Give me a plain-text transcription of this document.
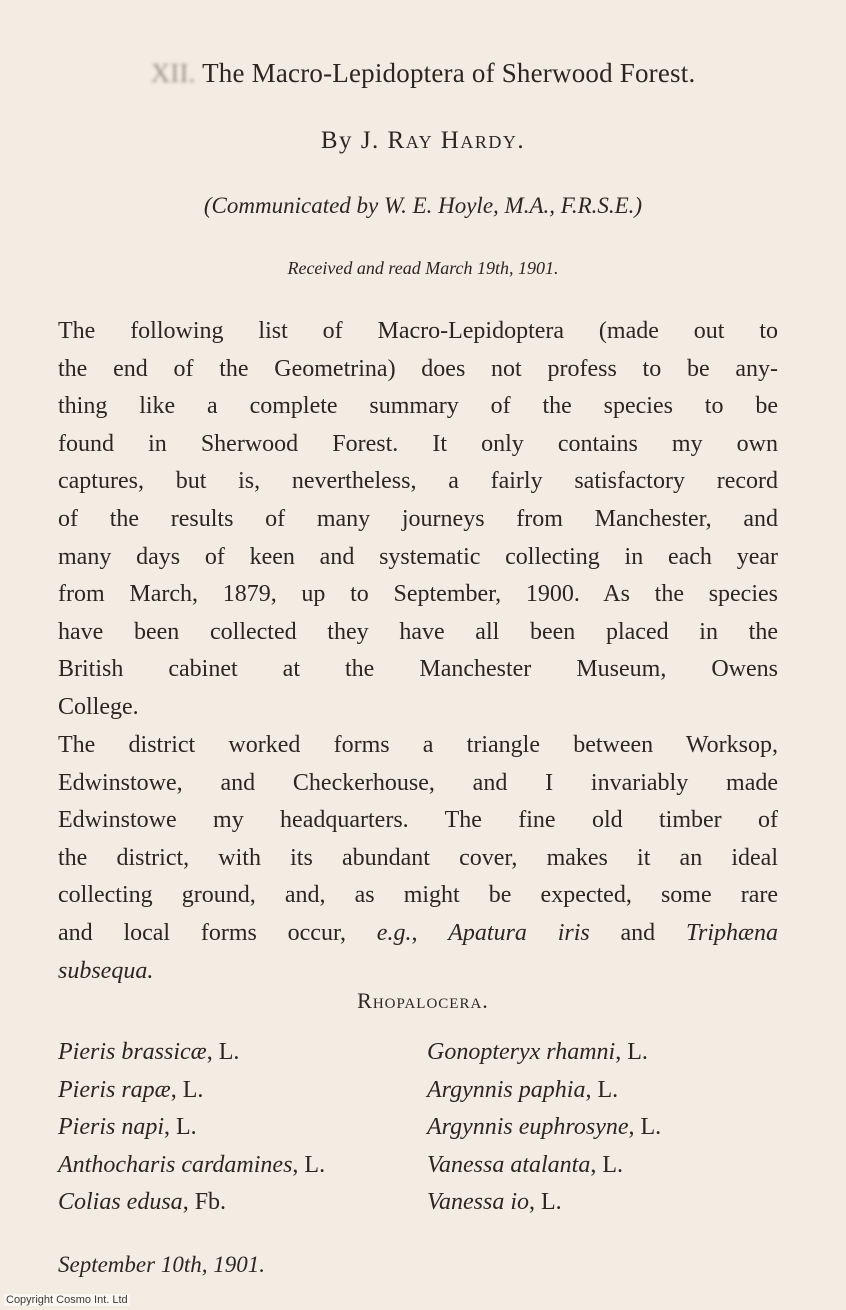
XII. The Macro-Lepidoptera of Sherwood Forest.
By J. Ray Hardy.
(Communicated by W. E. Hoyle, M.A., F.R.S.E.)
Received and read March 19th, 1901.
The following list of Macro-Lepidoptera (made out to
the end of the Geometrina) does not profess to be any-
thing like a complete summary of the species to be
found in Sherwood Forest. It only contains my own
captures, but is, nevertheless, a fairly satisfactory record
of the results of many journeys from Manchester, and
many days of keen and systematic collecting in each year
from March, 1879, up to September, 1900. As the species
have been collected they have all been placed in the
British cabinet at the Manchester Museum, Owens
College.
The district worked forms a triangle between Worksop,
Edwinstowe, and Checkerhouse, and I invariably made
Edwinstowe my headquarters. The fine old timber of
the district, with its abundant cover, makes it an ideal
collecting ground, and, as might be expected, some rare
and local forms occur, e.g., Apatura iris and Triphæna
subsequa.
Rhopalocera.
Pieris brassicæ, L.
Pieris rapæ, L.
Pieris napi, L.
Anthocharis cardamines, L.
Colias edusa, Fb.
Gonopteryx rhamni, L.
Argynnis paphia, L.
Argynnis euphrosyne, L.
Vanessa atalanta, L.
Vanessa io, L.
September 10th, 1901.
Copyright Cosmo Int. Ltd
